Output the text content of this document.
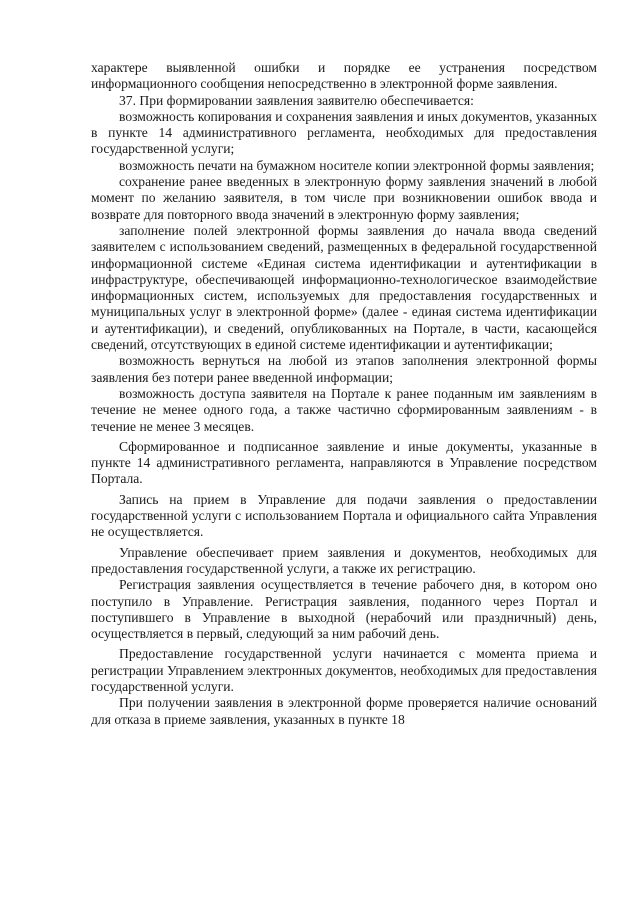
характере выявленной ошибки и порядке ее устранения посредством информационного сообщения непосредственно в электронной форме заявления.

37. При формировании заявления заявителю обеспечивается:

возможность копирования и сохранения заявления и иных документов, указанных в пункте 14 административного регламента, необходимых для предоставления государственной услуги;

возможность печати на бумажном носителе копии электронной формы заявления;

сохранение ранее введенных в электронную форму заявления значений в любой момент по желанию заявителя, в том числе при возникновении ошибок ввода и возврате для повторного ввода значений в электронную форму заявления;

заполнение полей электронной формы заявления до начала ввода сведений заявителем с использованием сведений, размещенных в федеральной государственной информационной системе «Единая система идентификации и аутентификации в инфраструктуре, обеспечивающей информационно-технологическое взаимодействие информационных систем, используемых для предоставления государственных и муниципальных услуг в электронной форме» (далее - единая система идентификации и аутентификации), и сведений, опубликованных на Портале, в части, касающейся сведений, отсутствующих в единой системе идентификации и аутентификации;

возможность вернуться на любой из этапов заполнения электронной формы заявления без потери ранее введенной информации;

возможность доступа заявителя на Портале к ранее поданным им заявлениям в течение не менее одного года, а также частично сформированным заявлениям - в течение не менее 3 месяцев.

Сформированное и подписанное заявление и иные документы, указанные в пункте 14 административного регламента, направляются в Управление посредством Портала.

Запись на прием в Управление для подачи заявления о предоставлении государственной услуги с использованием Портала и официального сайта Управления не осуществляется.

Управление обеспечивает прием заявления и документов, необходимых для предоставления государственной услуги, а также их регистрацию.

Регистрация заявления осуществляется в течение рабочего дня, в котором оно поступило в Управление. Регистрация заявления, поданного через Портал и поступившего в Управление в выходной (нерабочий или праздничный) день, осуществляется в первый, следующий за ним рабочий день.

Предоставление государственной услуги начинается с момента приема и регистрации Управлением электронных документов, необходимых для предоставления государственной услуги.

При получении заявления в электронной форме проверяется наличие оснований для отказа в приеме заявления, указанных в пункте 18
